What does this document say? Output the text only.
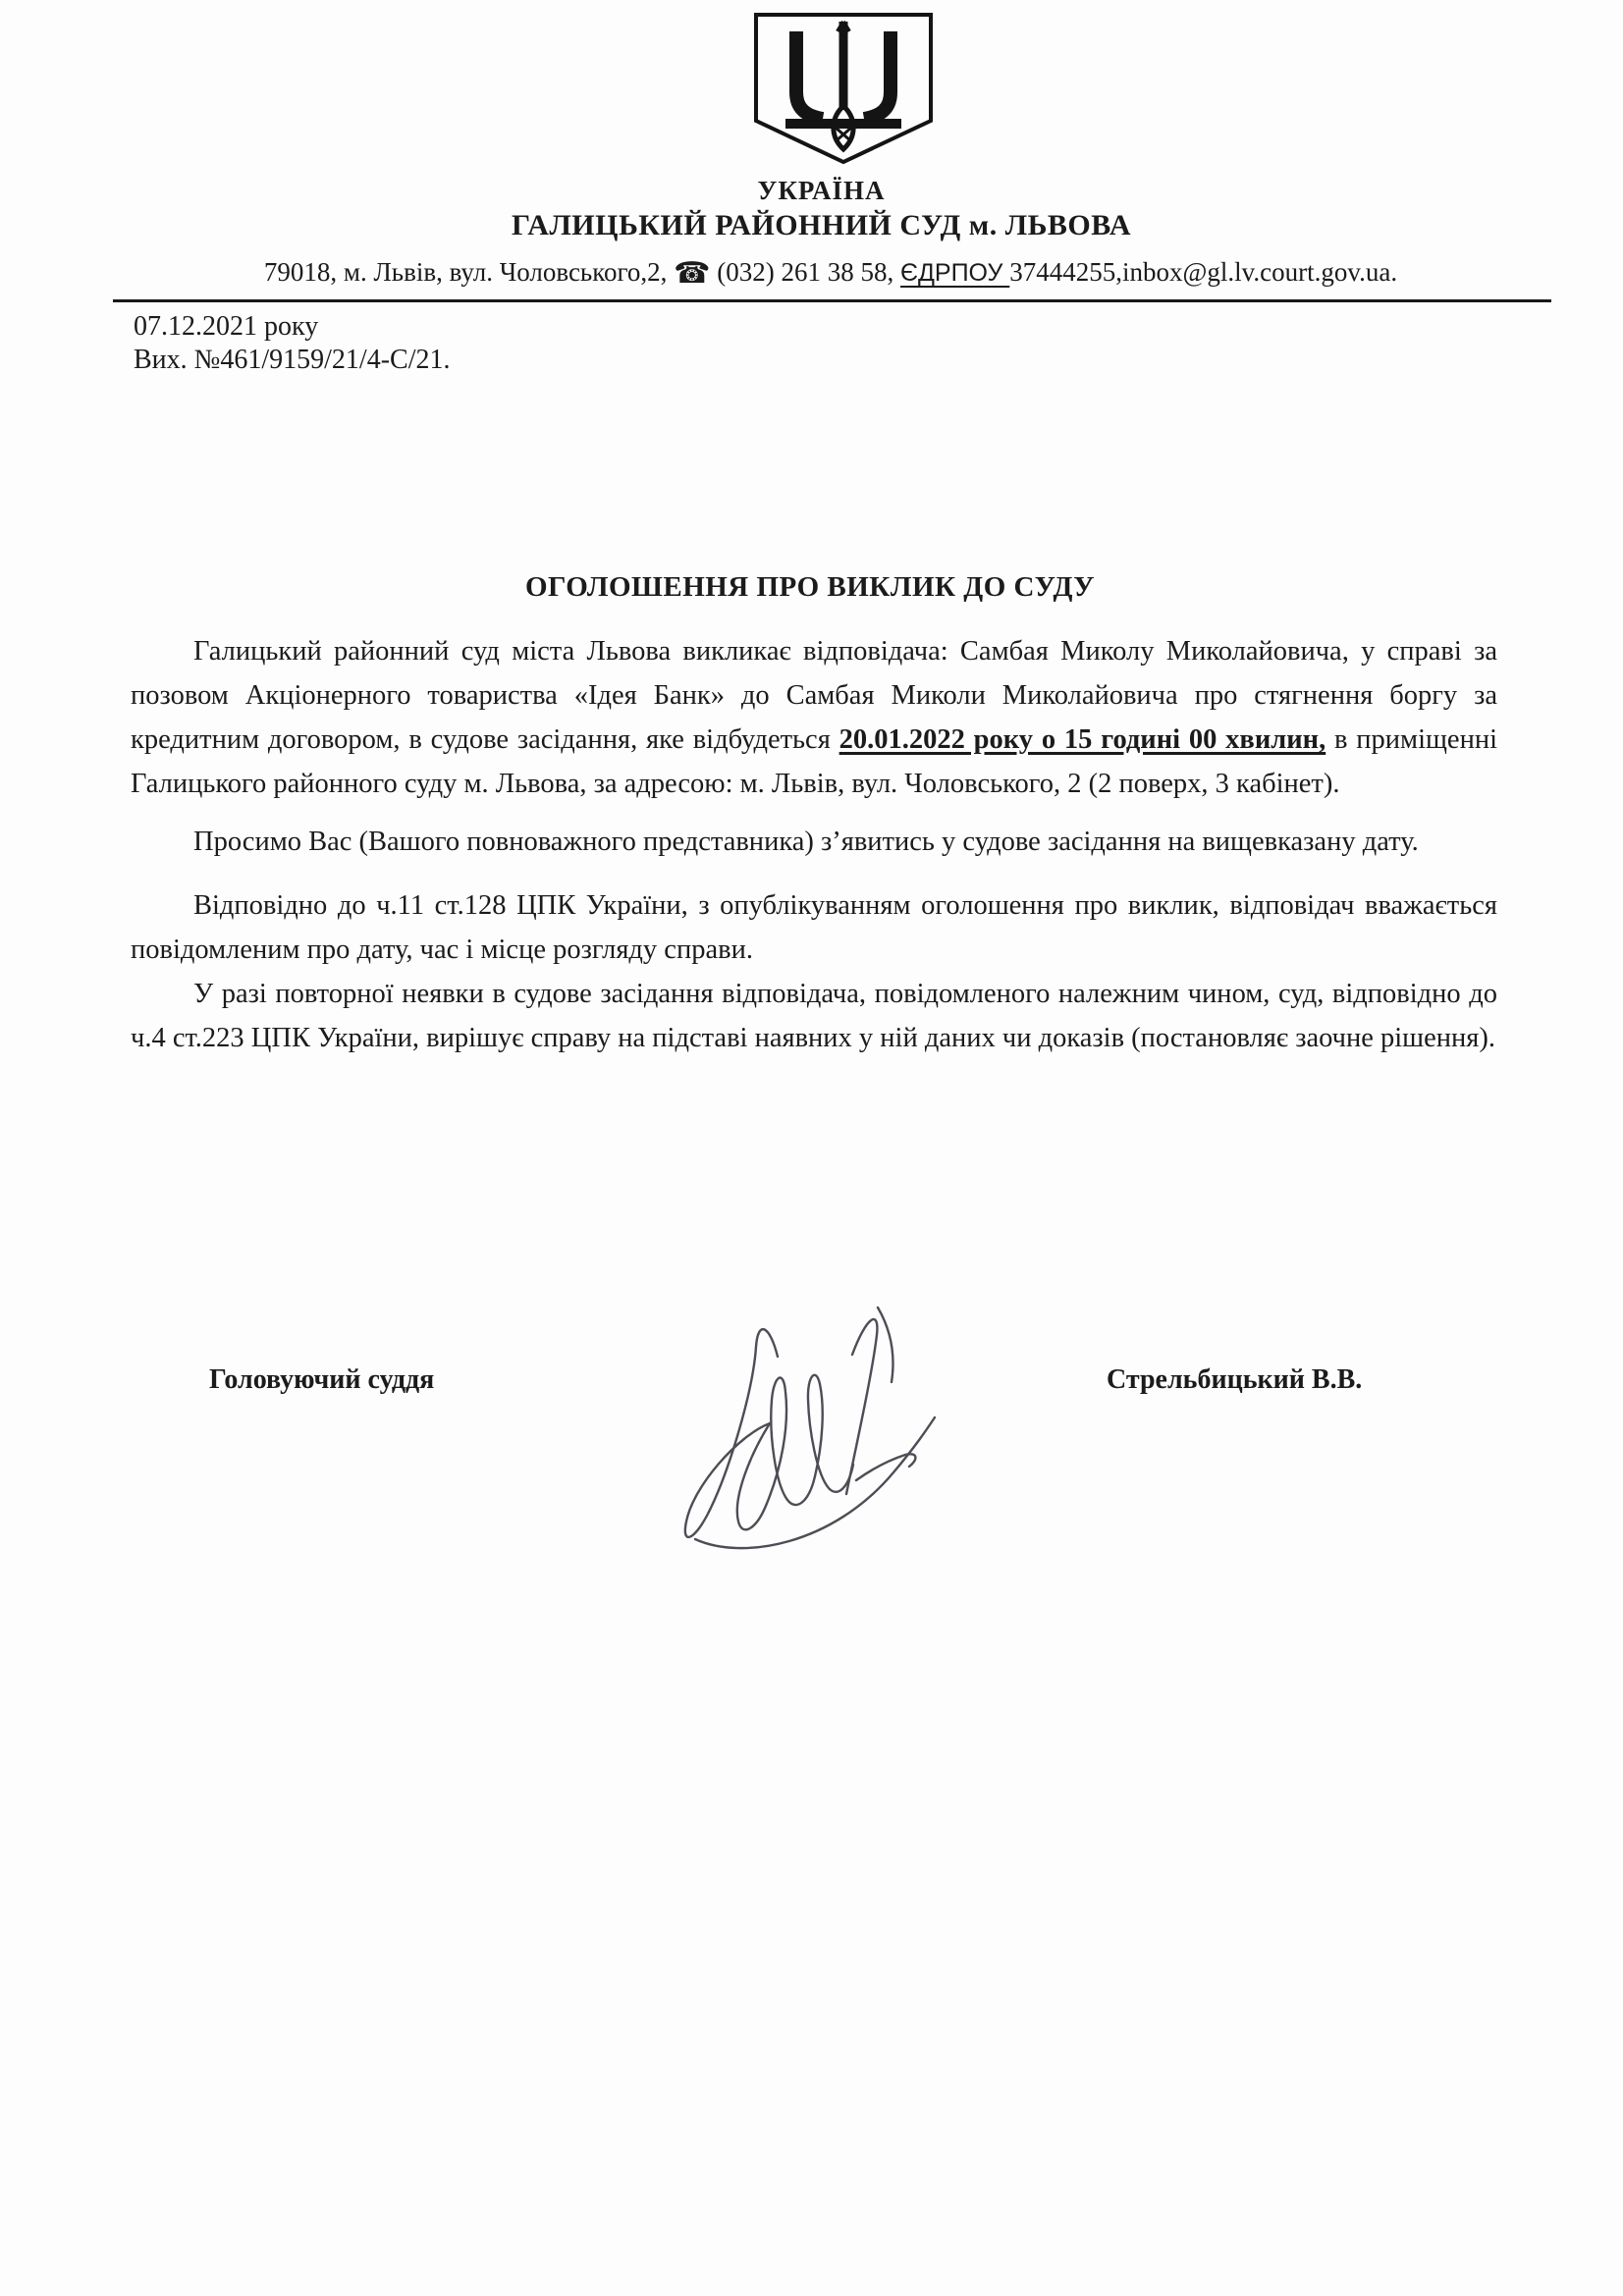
УКРАЇНА
ГАЛИЦЬКИЙ РАЙОННИЙ СУД м. ЛЬВОВА
79018, м. Львів, вул. Чоловського,2, ☎ (032) 261 38 58, ЄДРПОУ 37444255,inbox@gl.lv.court.gov.ua.
07.12.2021 року
Вих. №461/9159/21/4-С/21.
ОГОЛОШЕННЯ ПРО ВИКЛИК ДО СУДУ

Галицький районний суд міста Львова викликає відповідача: Самбая Миколу Миколайовича, у справі за позовом Акціонерного товариства «Ідея Банк» до Самбая Миколи Миколайовича про стягнення боргу за кредитним договором, в судове засідання, яке відбудеться 20.01.2022 року о 15 годині 00 хвилин, в приміщенні Галицького районного суду м. Львова, за адресою: м. Львів, вул. Чоловського, 2 (2 поверх, 3 кабінет).

Просимо Вас (Вашого повноважного представника) з’явитись у судове засідання на вищевказану дату.

Відповідно до ч.11 ст.128 ЦПК України, з опублікуванням оголошення про виклик, відповідач вважається повідомленим про дату, час і місце розгляду справи.

У разі повторної неявки в судове засідання відповідача, повідомленого належним чином, суд, відповідно до ч.4 ст.223 ЦПК України, вирішує справу на підставі наявних у ній даних чи доказів (постановляє заочне рішення).

Головуючий суддя	Стрельбицький В.В.
